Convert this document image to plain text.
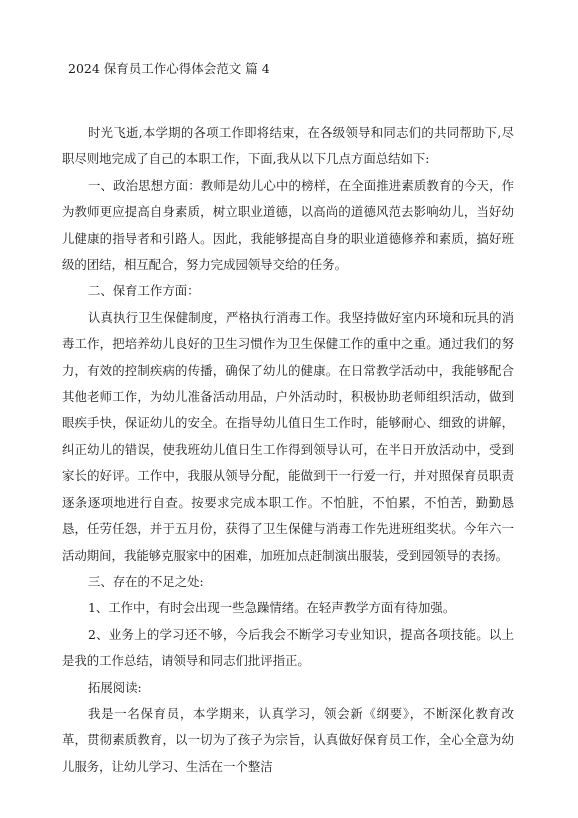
2024 保育员工作心得体会范文 篇 4

时光飞逝,本学期的各项工作即将结束，在各级领导和同志们的共同帮助下,尽职尽则地完成了自己的本职工作，下面,我从以下几点方面总结如下:

一、政治思想方面：教师是幼儿心中的榜样，在全面推进素质教育的今天，作为教师更应提高自身素质，树立职业道德，以高尚的道德风范去影响幼儿，当好幼儿健康的指导者和引路人。因此，我能够提高自身的职业道德修养和素质，搞好班级的团结，相互配合，努力完成园领导交给的任务。

二、保育工作方面：

认真执行卫生保健制度，严格执行消毒工作。我坚持做好室内环境和玩具的消毒工作，把培养幼儿良好的卫生习惯作为卫生保健工作的重中之重。通过我们的努力，有效的控制疾病的传播，确保了幼儿的健康。在日常教学活动中，我能够配合其他老师工作，为幼儿准备活动用品，户外活动时，积极协助老师组织活动，做到眼疾手快，保证幼儿的安全。在指导幼儿值日生工作时，能够耐心、细致的讲解，纠正幼儿的错误，使我班幼儿值日生工作得到领导认可，在半日开放活动中，受到家长的好评。工作中，我服从领导分配，能做到干一行爱一行，并对照保育员职责逐条逐项地进行自查。按要求完成本职工作。不怕脏，不怕累，不怕苦，勤勤恳恳，任劳任怨，并于五月份，获得了卫生保健与消毒工作先进班组奖状。今年六一活动期间，我能够克服家中的困难，加班加点赶制演出服装，受到园领导的表扬。

三、存在的不足之处:

1、工作中，有时会出现一些急躁情绪。在轻声教学方面有待加强。

2、业务上的学习还不够，今后我会不断学习专业知识，提高各项技能。以上是我的工作总结，请领导和同志们批评指正。

拓展阅读:

我是一名保育员，本学期来，认真学习，领会新《纲要》，不断深化教育改革，贯彻素质教育，以一切为了孩子为宗旨，认真做好保育员工作，全心全意为幼儿服务，让幼儿学习、生活在一个整洁
